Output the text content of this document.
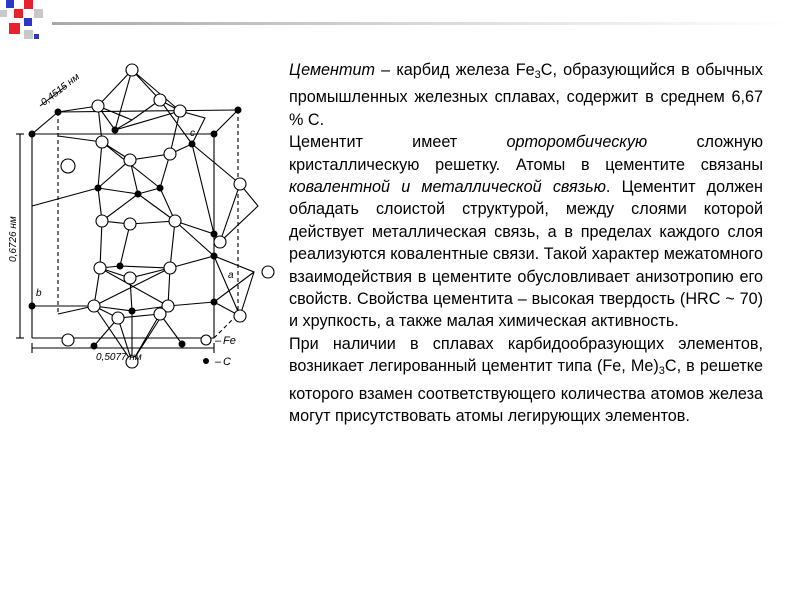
0,4515 нм
0,6726 нм
0,5077 нм
a
b
c
– Fe
– C

Цементит – карбид железа $Fe_3С$, образующийся в обычных промышленных железных сплавах, содержит в среднем 6,67 % С.

Цементит имеет орторомбическую сложную кристаллическую решетку. Атомы в цементите связаны ковалентной и металлической связью. Цементит должен обладать слоистой структурой, между слоями которой действует металлическая связь, а в пределах каждого слоя реализуются ковалентные связи. Такой характер межатомного взаимодействия в цементите обусловливает анизотропию его свойств. Свойства цементита – высокая твердость (HRC ~ 70) и хрупкость, а также малая химическая активность.

При наличии в сплавах карбидообразующих элементов, возникает легированный цементит типа (Fe, $Me)_3С$, в решетке которого взамен соответствующего количества атомов железа могут присутствовать атомы легирующих элементов.
